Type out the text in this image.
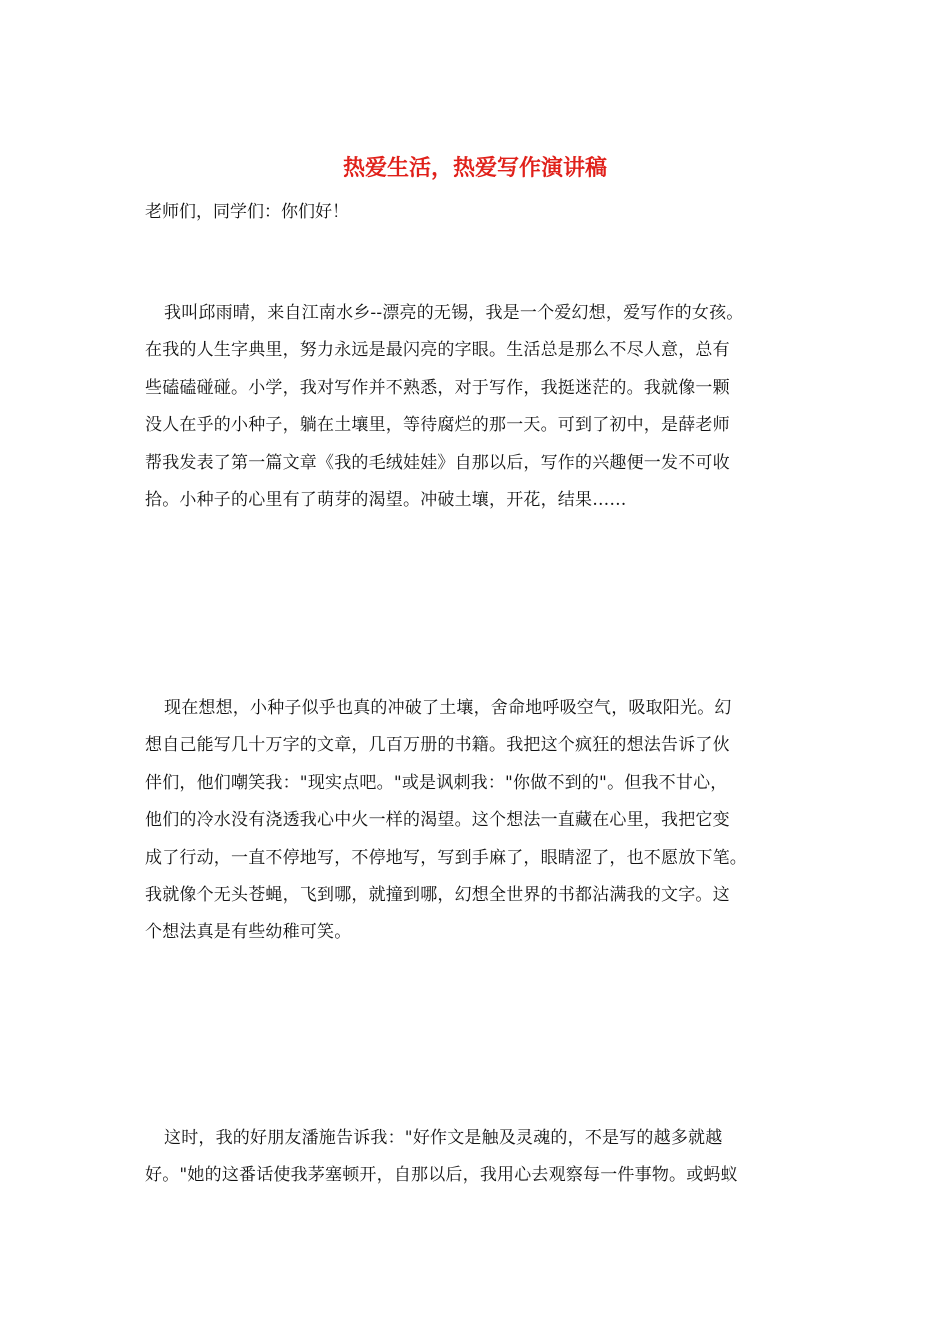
热爱生活，热爱写作演讲稿
老师们，同学们：你们好！
我叫邱雨晴，来自江南水乡--漂亮的无锡，我是一个爱幻想，爱写作的女孩。
在我的人生字典里，努力永远是最闪亮的字眼。生活总是那么不尽人意，总有
些磕磕碰碰。小学，我对写作并不熟悉，对于写作，我挺迷茫的。我就像一颗
没人在乎的小种子，躺在土壤里，等待腐烂的那一天。可到了初中，是薛老师
帮我发表了第一篇文章《我的毛绒娃娃》自那以后，写作的兴趣便一发不可收
拾。小种子的心里有了萌芽的渴望。冲破土壤，开花，结果……
现在想想，小种子似乎也真的冲破了土壤，舍命地呼吸空气，吸取阳光。幻
想自己能写几十万字的文章，几百万册的书籍。我把这个疯狂的想法告诉了伙
伴们，他们嘲笑我："现实点吧。"或是讽刺我："你做不到的"。但我不甘心，
他们的冷水没有浇透我心中火一样的渴望。这个想法一直藏在心里，我把它变
成了行动，一直不停地写，不停地写，写到手麻了，眼睛涩了，也不愿放下笔。
我就像个无头苍蝇，飞到哪，就撞到哪，幻想全世界的书都沾满我的文字。这
个想法真是有些幼稚可笑。
这时，我的好朋友潘施告诉我："好作文是触及灵魂的，不是写的越多就越
好。"她的这番话使我茅塞顿开，自那以后，我用心去观察每一件事物。或蚂蚁
